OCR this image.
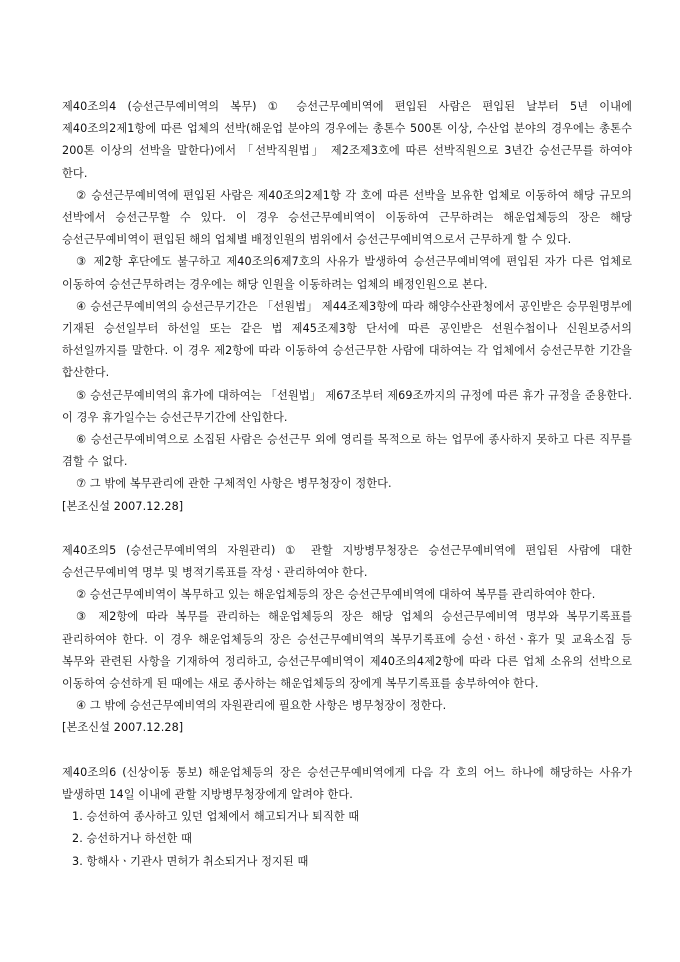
제40조의4 (승선근무예비역의 복무) ① 승선근무예비역에 편입된 사람은 편입된 날부터 5년 이내에 제40조의2제1항에 따른 업체의 선박(해운업 분야의 경우에는 총톤수 500톤 이상, 수산업 분야의 경우에는 총톤수 200톤 이상의 선박을 말한다)에서 「선박직원법」 제2조제3호에 따른 선박직원으로 3년간 승선근무를 하여야 한다.

② 승선근무예비역에 편입된 사람은 제40조의2제1항 각 호에 따른 선박을 보유한 업체로 이동하여 해당 규모의 선박에서 승선근무할 수 있다. 이 경우 승선근무예비역이 이동하여 근무하려는 해운업체등의 장은 해당 승선근무예비역이 편입된 해의 업체별 배정인원의 범위에서 승선근무예비역으로서 근무하게 할 수 있다.

③ 제2항 후단에도 불구하고 제40조의6제7호의 사유가 발생하여 승선근무예비역에 편입된 자가 다른 업체로 이동하여 승선근무하려는 경우에는 해당 인원을 이동하려는 업체의 배정인원으로 본다.

④ 승선근무예비역의 승선근무기간은 「선원법」 제44조제3항에 따라 해양수산관청에서 공인받은 승무원명부에 기재된 승선일부터 하선일 또는 같은 법 제45조제3항 단서에 따른 공인받은 선원수첩이나 신원보증서의 하선일까지를 말한다. 이 경우 제2항에 따라 이동하여 승선근무한 사람에 대하여는 각 업체에서 승선근무한 기간을 합산한다.

⑤ 승선근무예비역의 휴가에 대하여는 「선원법」 제67조부터 제69조까지의 규정에 따른 휴가 규정을 준용한다. 이 경우 휴가일수는 승선근무기간에 산입한다.

⑥ 승선근무예비역으로 소집된 사람은 승선근무 외에 영리를 목적으로 하는 업무에 종사하지 못하고 다른 직무를 겸할 수 없다.

⑦ 그 밖에 복무관리에 관한 구체적인 사항은 병무청장이 정한다.

[본조신설 2007.12.28]

제40조의5 (승선근무예비역의 자원관리) ① 관할 지방병무청장은 승선근무예비역에 편입된 사람에 대한 승선근무예비역 명부 및 병적기록표를 작성ㆍ관리하여야 한다.

② 승선근무예비역이 복무하고 있는 해운업체등의 장은 승선근무예비역에 대하여 복무를 관리하여야 한다.

③ 제2항에 따라 복무를 관리하는 해운업체등의 장은 해당 업체의 승선근무예비역 명부와 복무기록표를 관리하여야 한다. 이 경우 해운업체등의 장은 승선근무예비역의 복무기록표에 승선ㆍ하선ㆍ휴가 및 교육소집 등 복무와 관련된 사항을 기재하여 정리하고, 승선근무예비역이 제40조의4제2항에 따라 다른 업체 소유의 선박으로 이동하여 승선하게 된 때에는 새로 종사하는 해운업체등의 장에게 복무기록표를 송부하여야 한다.

④ 그 밖에 승선근무예비역의 자원관리에 필요한 사항은 병무청장이 정한다.

[본조신설 2007.12.28]

제40조의6 (신상이동 통보) 해운업체등의 장은 승선근무예비역에게 다음 각 호의 어느 하나에 해당하는 사유가 발생하면 14일 이내에 관할 지방병무청장에게 알려야 한다.

1. 승선하여 종사하고 있던 업체에서 해고되거나 퇴직한 때

2. 승선하거나 하선한 때

3. 항해사ㆍ기관사 면허가 취소되거나 정지된 때
